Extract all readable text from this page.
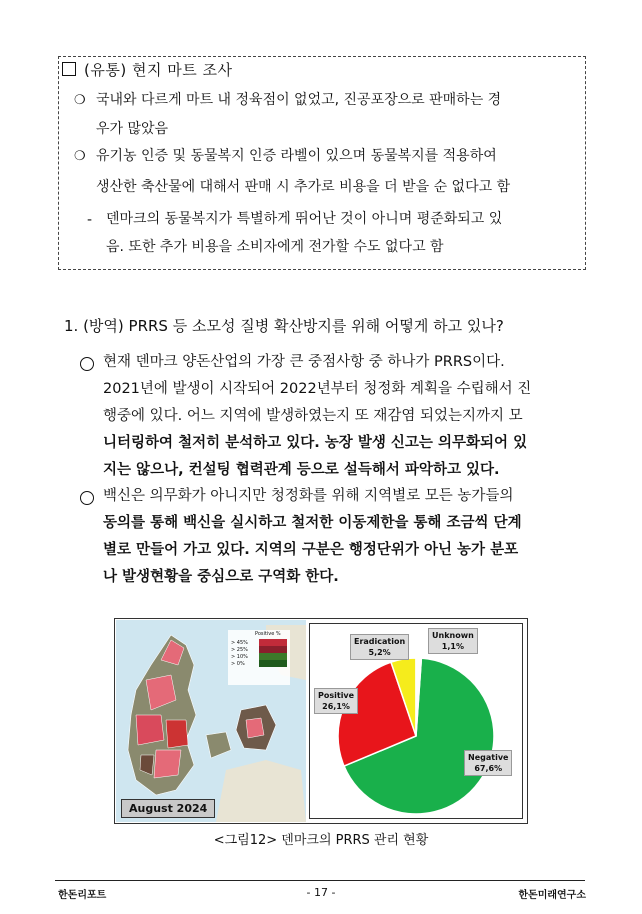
(유통) 현지 마트 조사
❍ 국내와 다르게 마트 내 정육점이 없었고, 진공포장으로 판매하는 경
우가 많았음
❍ 유기농 인증 및 동물복지 인증 라벨이 있으며 동물복지를 적용하여
생산한 축산물에 대해서 판매 시 추가로 비용을 더 받을 순 없다고 함
- 덴마크의 동물복지가 특별하게 뛰어난 것이 아니며 평준화되고 있
음. 또한 추가 비용을 소비자에게 전가할 수도 없다고 함
1. (방역) PRRS 등 소모성 질병 확산방지를 위해 어떻게 하고 있나?
현재 덴마크 양돈산업의 가장 큰 중점사항 중 하나가 PRRS이다.
2021년에 발생이 시작되어 2022년부터 청정화 계획을 수립해서 진
행중에 있다. 어느 지역에 발생하였는지 또 재감염 되었는지까지 모
니터링하여 철저히 분석하고 있다. 농장 발생 신고는 의무화되어 있
지는 않으나, 컨설팅 협력관계 등으로 설득해서 파악하고 있다.
백신은 의무화가 아니지만 청정화를 위해 지역별로 모든 농가들의
동의를 통해 백신을 실시하고 철저한 이동제한을 통해 조금씩 단계
별로 만들어 가고 있다. 지역의 구분은 행정단위가 아닌 농가 분포
나 발생현황을 중심으로 구역화 한다.
Positive %
> 45%
> 25%
> 10%
> 0%
August 2024
Eradication
5,2%
Unknown
1,1%
Positive
26,1%
Negative
67,6%
<그림12> 덴마크의 PRRS 관리 현황
한돈리포트	- 17 -	한돈미래연구소
